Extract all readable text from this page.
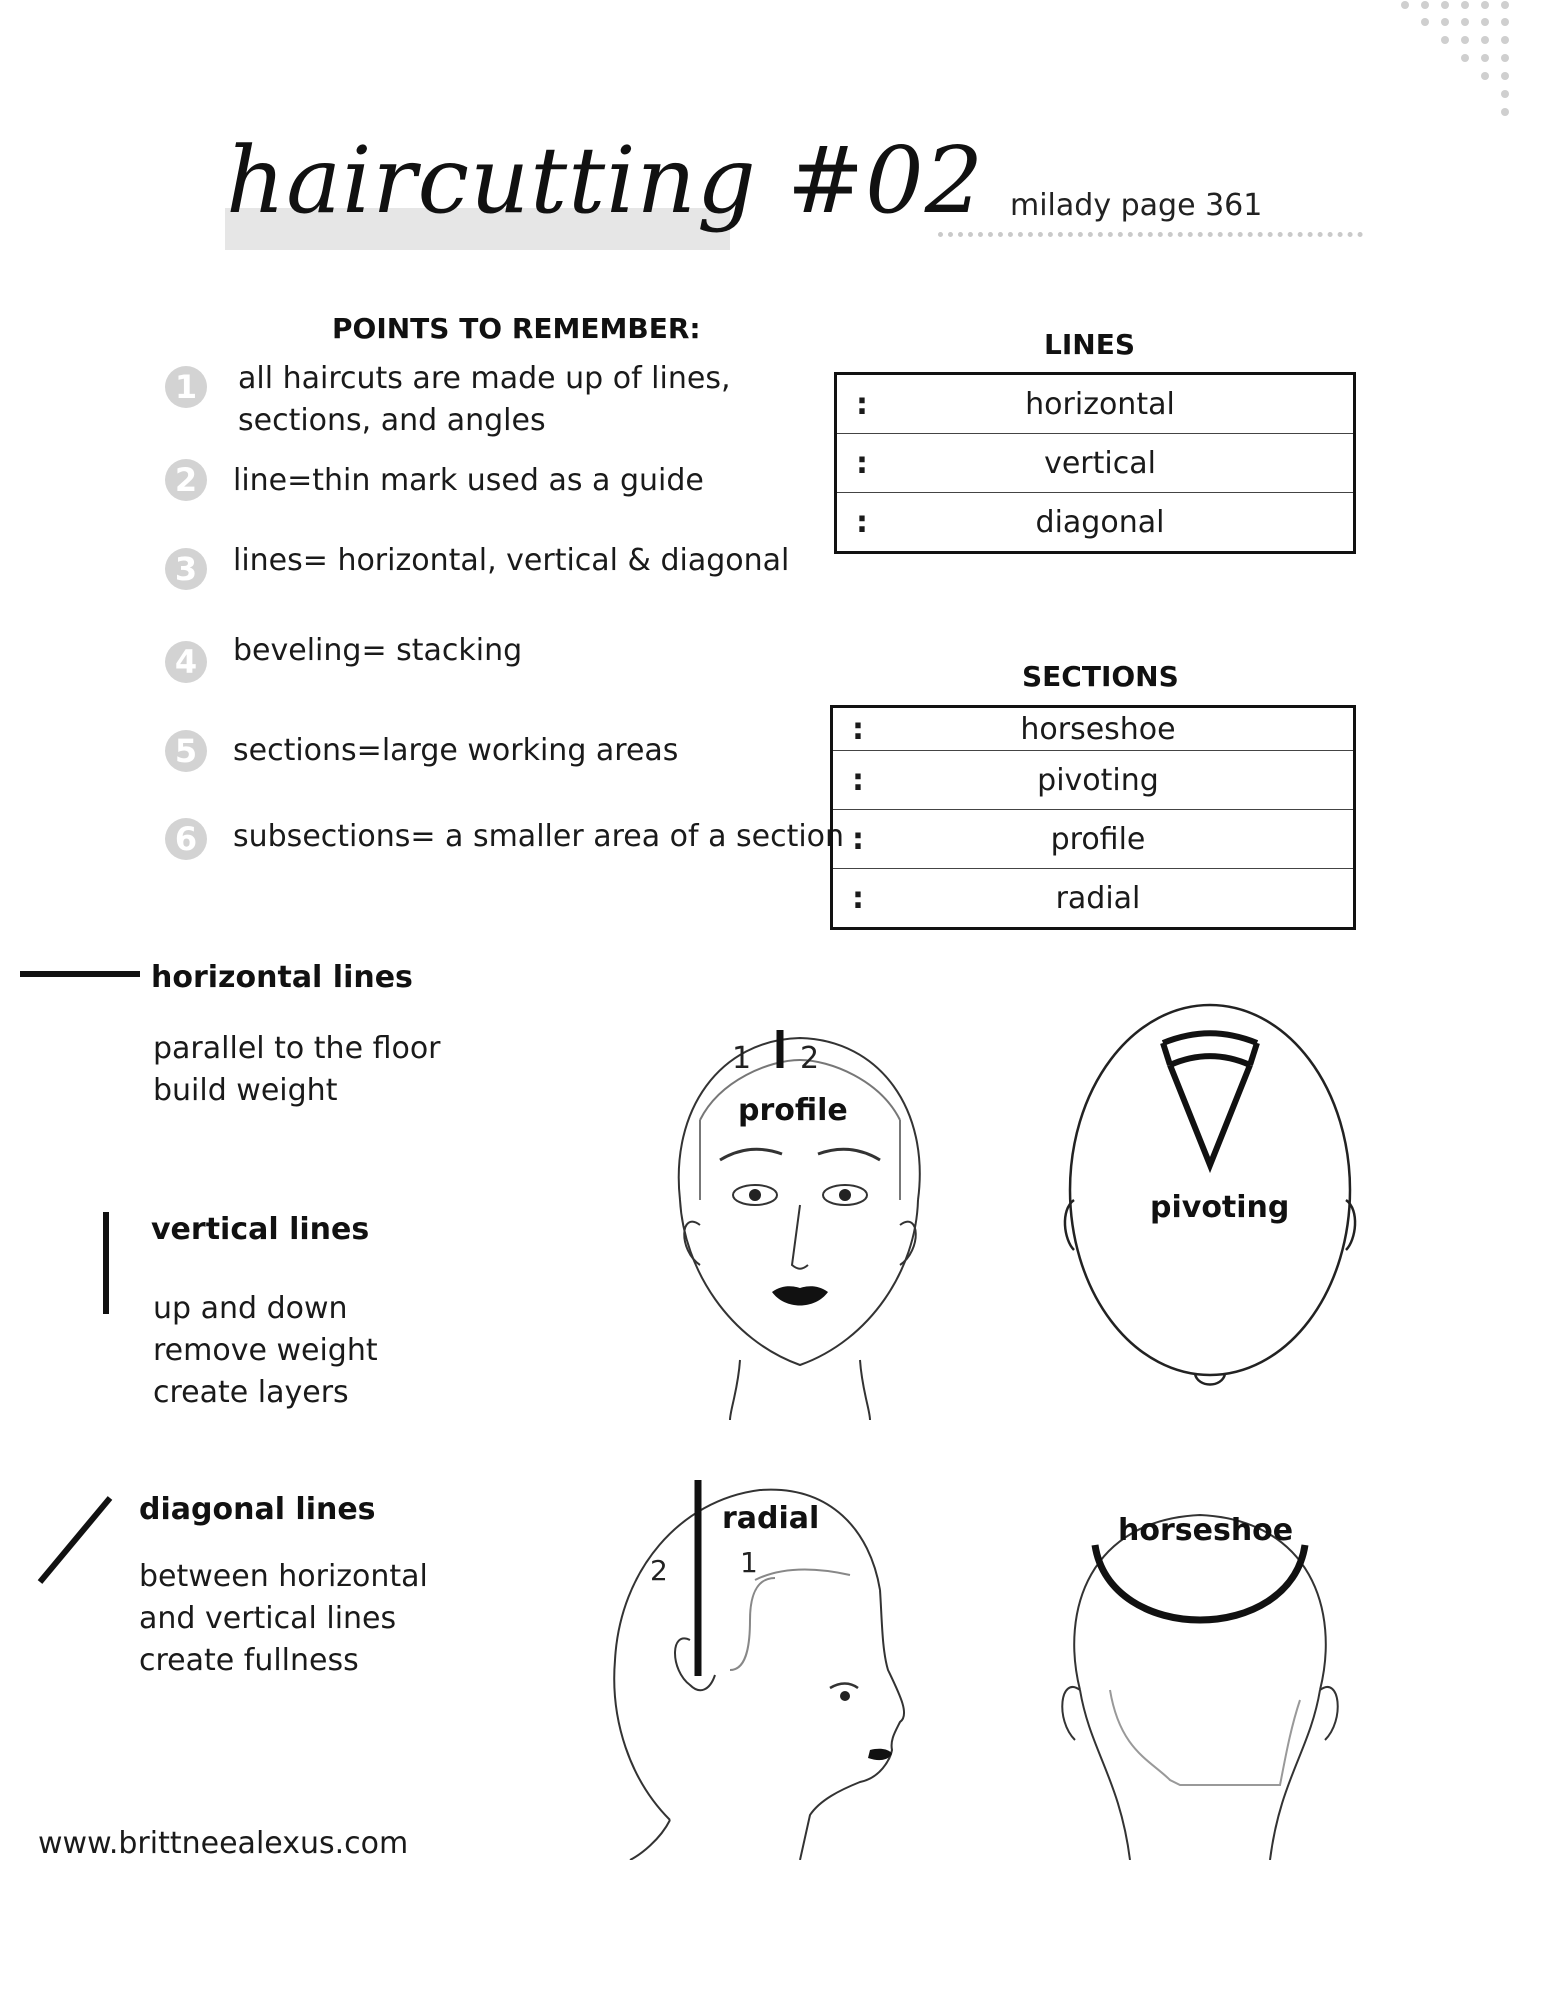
haircutting #02 milady page 361
POINTS TO REMEMBER:
1	all haircuts are made up of lines,
sections, and angles
2	line=thin mark used as a guide
3	lines= horizontal, vertical & diagonal
4	beveling= stacking
5	sections=large working areas
6	subsections= a smaller area of a section
LINES
:	horizontal
:	vertical
:	diagonal
SECTIONS
:	horseshoe
:	pivoting
:	profile
:	radial
horizontal lines
parallel to the floor
build weight
vertical lines
up and down
remove weight
create layers
diagonal lines
between horizontal
and vertical lines
create fullness
1 2
profile
pivoting
radial
2	1
horseshoe
www.brittneealexus.com
